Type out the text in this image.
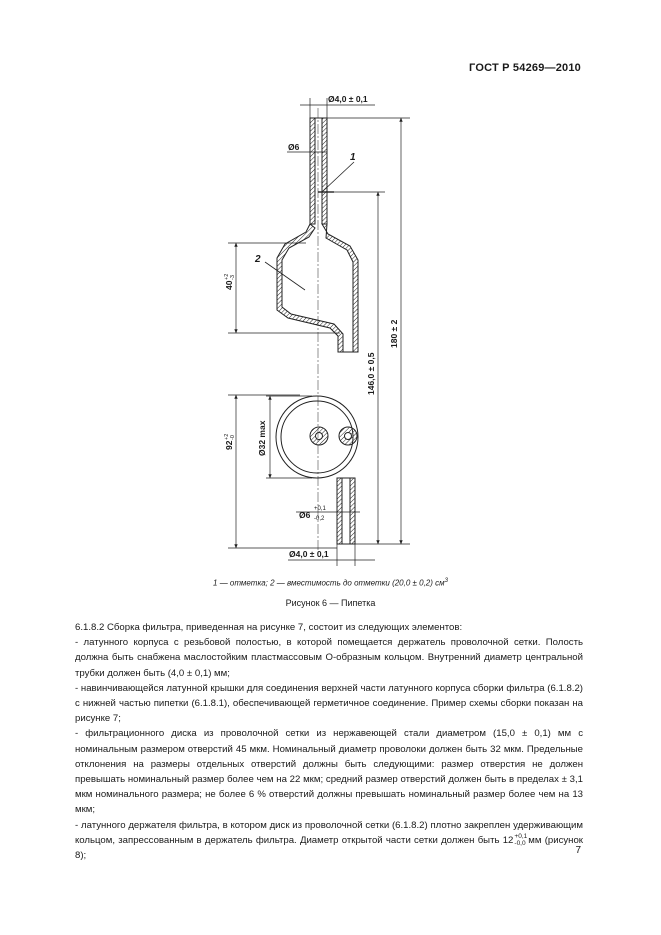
ГОСТ Р 54269—2010
Ø4,0 ± 0,1
Ø6
1
2
40
+2 -3
92
+2 -0 Ø32 max
146,0 ± 0,5
180 ± 2
Ø6
+0,1
-0,2
Ø4,0 ± 0,1
1 — отметка; 2 — вместимость до отметки (20,0 ± 0,2) $см^3$
Рисунок 6 — Пипетка

6.1.8.2 Сборка фильтра, приведенная на рисунке 7, состоит из следующих элементов:

- латунного корпуса с резьбовой полостью, в которой помещается держатель проволочной сетки. Полость должна быть снабжена маслостойким пластмассовым О-образным кольцом. Внутренний диаметр центральной трубки должен быть (4,0 ± 0,1) мм;

- навинчивающейся латунной крышки для соединения верхней части латунного корпуса сборки фильтра (6.1.8.2) с нижней частью пипетки (6.1.8.1), обеспечивающей герметичное соединение. Пример схемы сборки показан на рисунке 7;

- фильтрационного диска из проволочной сетки из нержавеющей стали диаметром (15,0 ± 0,1) мм с номинальным размером отверстий 45 мкм. Номинальный диаметр проволоки должен быть 32 мкм. Предельные отклонения на размеры отдельных отверстий должны быть следующими: размер отверстия не должен превышать номинальный размер более чем на 22 мкм; средний размер отверстий должен быть в пределах ± 3,1 мкм номинального размера; не более 6 % отверстий должны превышать номинальный размер более чем на 13 мкм;

- латунного держателя фильтра, в котором диск из проволочной сетки (6.1.8.2) плотно закреплен удерживающим кольцом, запрессованным в держатель фильтра. Диаметр открытой части сетки должен быть 12+0,1
-0,0 мм (рисунок 8);	7
